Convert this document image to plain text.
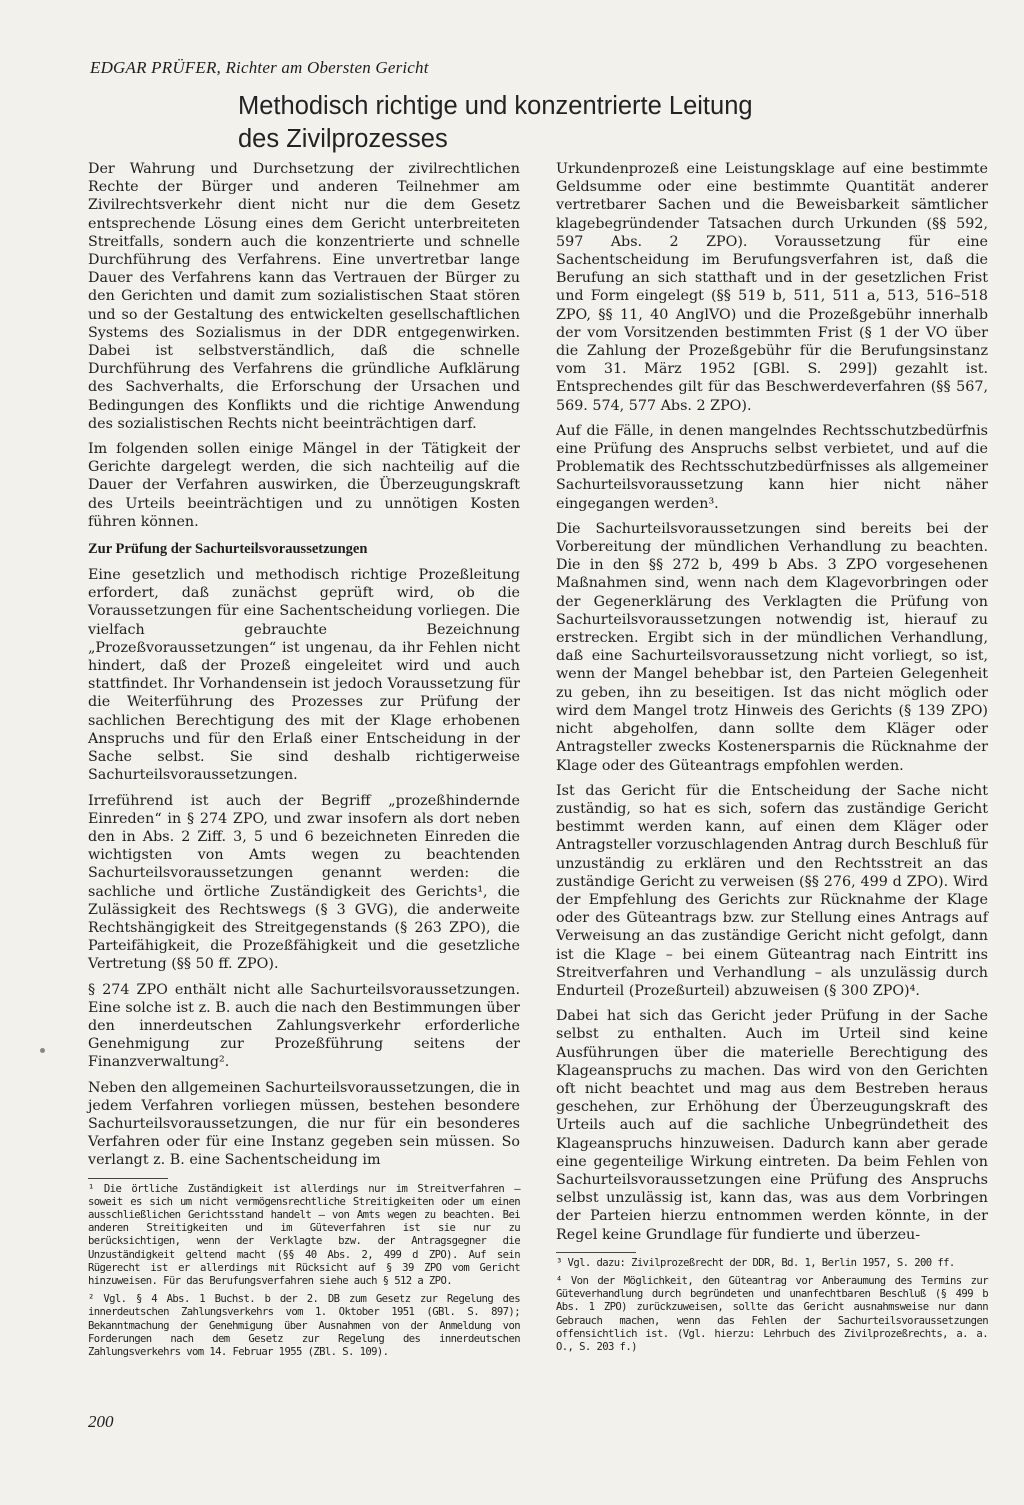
EDGAR PRÜFER, Richter am Obersten Gericht
Methodisch richtige und konzentrierte Leitung des Zivilprozesses

Der Wahrung und Durchsetzung der zivilrechtlichen Rechte der Bürger und anderen Teilnehmer am Zivilrechtsverkehr dient nicht nur die dem Gesetz entsprechende Lösung eines dem Gericht unterbreiteten Streitfalls, sondern auch die konzentrierte und schnelle Durchführung des Verfahrens. Eine unvertretbar lange Dauer des Verfahrens kann das Vertrauen der Bürger zu den Gerichten und damit zum sozialistischen Staat stören und so der Gestaltung des entwickelten gesellschaftlichen Systems des Sozialismus in der DDR entgegenwirken. Dabei ist selbstverständlich, daß die schnelle Durchführung des Verfahrens die gründliche Aufklärung des Sachverhalts, die Erforschung der Ursachen und Bedingungen des Konflikts und die richtige Anwendung des sozialistischen Rechts nicht beeinträchtigen darf.

Im folgenden sollen einige Mängel in der Tätigkeit der Gerichte dargelegt werden, die sich nachteilig auf die Dauer der Verfahren auswirken, die Überzeugungskraft des Urteils beeinträchtigen und zu unnötigen Kosten führen können.

Zur Prüfung der Sachurteilsvoraussetzungen

Eine gesetzlich und methodisch richtige Prozeßleitung erfordert, daß zunächst geprüft wird, ob die Voraussetzungen für eine Sachentscheidung vorliegen. Die vielfach gebrauchte Bezeichnung „Prozeßvoraussetzungen“ ist ungenau, da ihr Fehlen nicht hindert, daß der Prozeß eingeleitet wird und auch stattfindet. Ihr Vorhandensein ist jedoch Voraussetzung für die Weiterführung des Prozesses zur Prüfung der sachlichen Berechtigung des mit der Klage erhobenen Anspruchs und für den Erlaß einer Entscheidung in der Sache selbst. Sie sind deshalb richtigerweise Sachurteilsvoraussetzungen.

Irreführend ist auch der Begriff „prozeßhindernde Einreden“ in § 274 ZPO, und zwar insofern als dort neben den in Abs. 2 Ziff. 3, 5 und 6 bezeichneten Einreden die wichtigsten von Amts wegen zu beachtenden Sachurteilsvoraussetzungen genannt werden: die sachliche und örtliche Zuständigkeit des Gerichts¹, die Zulässigkeit des Rechtswegs (§ 3 GVG), die anderweite Rechtshängigkeit des Streitgegenstands (§ 263 ZPO), die Parteifähigkeit, die Prozeßfähigkeit und die gesetzliche Vertretung (§§ 50 ff. ZPO).

§ 274 ZPO enthält nicht alle Sachurteilsvoraussetzungen. Eine solche ist z. B. auch die nach den Bestimmungen über den innerdeutschen Zahlungsverkehr erforderliche Genehmigung zur Prozeßführung seitens der Finanzverwaltung².

Neben den allgemeinen Sachurteilsvoraussetzungen, die in jedem Verfahren vorliegen müssen, bestehen besondere Sachurteilsvoraussetzungen, die nur für ein besonderes Verfahren oder für eine Instanz gegeben sein müssen. So verlangt z. B. eine Sachentscheidung im

¹ Die örtliche Zuständigkeit ist allerdings nur im Streitverfahren – soweit es sich um nicht vermögensrechtliche Streitigkeiten oder um einen ausschließlichen Gerichtsstand handelt – von Amts wegen zu beachten. Bei anderen Streitigkeiten und im Güteverfahren ist sie nur zu berücksichtigen, wenn der Verklagte bzw. der Antragsgegner die Unzuständigkeit geltend macht (§§ 40 Abs. 2, 499 d ZPO). Auf sein Rügerecht ist er allerdings mit Rücksicht auf § 39 ZPO vom Gericht hinzuweisen. Für das Berufungsverfahren siehe auch § 512 a ZPO.

² Vgl. § 4 Abs. 1 Buchst. b der 2. DB zum Gesetz zur Regelung des innerdeutschen Zahlungsverkehrs vom 1. Oktober 1951 (GBl. S. 897); Bekanntmachung der Genehmigung über Ausnahmen von der Anmeldung von Forderungen nach dem Gesetz zur Regelung des innerdeutschen Zahlungsverkehrs vom 14. Februar 1955 (ZBl. S. 109).

Urkundenprozeß eine Leistungsklage auf eine bestimmte Geldsumme oder eine bestimmte Quantität anderer vertretbarer Sachen und die Beweisbarkeit sämtlicher klagebegründender Tatsachen durch Urkunden (§§ 592, 597 Abs. 2 ZPO). Voraussetzung für eine Sachentscheidung im Berufungsverfahren ist, daß die Berufung an sich statthaft und in der gesetzlichen Frist und Form eingelegt (§§ 519 b, 511, 511 a, 513, 516–518 ZPO, §§ 11, 40 AnglVO) und die Prozeßgebühr innerhalb der vom Vorsitzenden bestimmten Frist (§ 1 der VO über die Zahlung der Prozeßgebühr für die Berufungsinstanz vom 31. März 1952 [GBl. S. 299]) gezahlt ist. Entsprechendes gilt für das Beschwerdeverfahren (§§ 567, 569. 574, 577 Abs. 2 ZPO).

Auf die Fälle, in denen mangelndes Rechtsschutzbedürfnis eine Prüfung des Anspruchs selbst verbietet, und auf die Problematik des Rechtsschutzbedürfnisses als allgemeiner Sachurteilsvoraussetzung kann hier nicht näher eingegangen werden³.

Die Sachurteilsvoraussetzungen sind bereits bei der Vorbereitung der mündlichen Verhandlung zu beachten. Die in den §§ 272 b, 499 b Abs. 3 ZPO vorgesehenen Maßnahmen sind, wenn nach dem Klagevorbringen oder der Gegenerklärung des Verklagten die Prüfung von Sachurteilsvoraussetzungen notwendig ist, hierauf zu erstrecken. Ergibt sich in der mündlichen Verhandlung, daß eine Sachurteilsvoraussetzung nicht vorliegt, so ist, wenn der Mangel behebbar ist, den Parteien Gelegenheit zu geben, ihn zu beseitigen. Ist das nicht möglich oder wird dem Mangel trotz Hinweis des Gerichts (§ 139 ZPO) nicht abgeholfen, dann sollte dem Kläger oder Antragsteller zwecks Kostenersparnis die Rücknahme der Klage oder des Güteantrags empfohlen werden.

Ist das Gericht für die Entscheidung der Sache nicht zuständig, so hat es sich, sofern das zuständige Gericht bestimmt werden kann, auf einen dem Kläger oder Antragsteller vorzuschlagenden Antrag durch Beschluß für unzuständig zu erklären und den Rechtsstreit an das zuständige Gericht zu verweisen (§§ 276, 499 d ZPO). Wird der Empfehlung des Gerichts zur Rücknahme der Klage oder des Güteantrags bzw. zur Stellung eines Antrags auf Verweisung an das zuständige Gericht nicht gefolgt, dann ist die Klage – bei einem Güteantrag nach Eintritt ins Streitverfahren und Verhandlung – als unzulässig durch Endurteil (Prozeßurteil) abzuweisen (§ 300 ZPO)⁴.

Dabei hat sich das Gericht jeder Prüfung in der Sache selbst zu enthalten. Auch im Urteil sind keine Ausführungen über die materielle Berechtigung des Klageanspruchs zu machen. Das wird von den Gerichten oft nicht beachtet und mag aus dem Bestreben heraus geschehen, zur Erhöhung der Überzeugungskraft des Urteils auch auf die sachliche Unbegründetheit des Klageanspruchs hinzuweisen. Dadurch kann aber gerade eine gegenteilige Wirkung eintreten. Da beim Fehlen von Sachurteilsvoraussetzungen eine Prüfung des Anspruchs selbst unzulässig ist, kann das, was aus dem Vorbringen der Parteien hierzu entnommen werden könnte, in der Regel keine Grundlage für fundierte und überzeu-

³ Vgl. dazu: Zivilprozeßrecht der DDR, Bd. 1, Berlin 1957, S. 200 ff.

⁴ Von der Möglichkeit, den Güteantrag vor Anberaumung des Termins zur Güteverhandlung durch begründeten und unanfechtbaren Beschluß (§ 499 b Abs. 1 ZPO) zurückzuweisen, sollte das Gericht ausnahmsweise nur dann Gebrauch machen, wenn das Fehlen der Sachurteilsvoraussetzungen offensichtlich ist. (Vgl. hierzu: Lehrbuch des Zivilprozeßrechts, a. a. O., S. 203 f.)

200
